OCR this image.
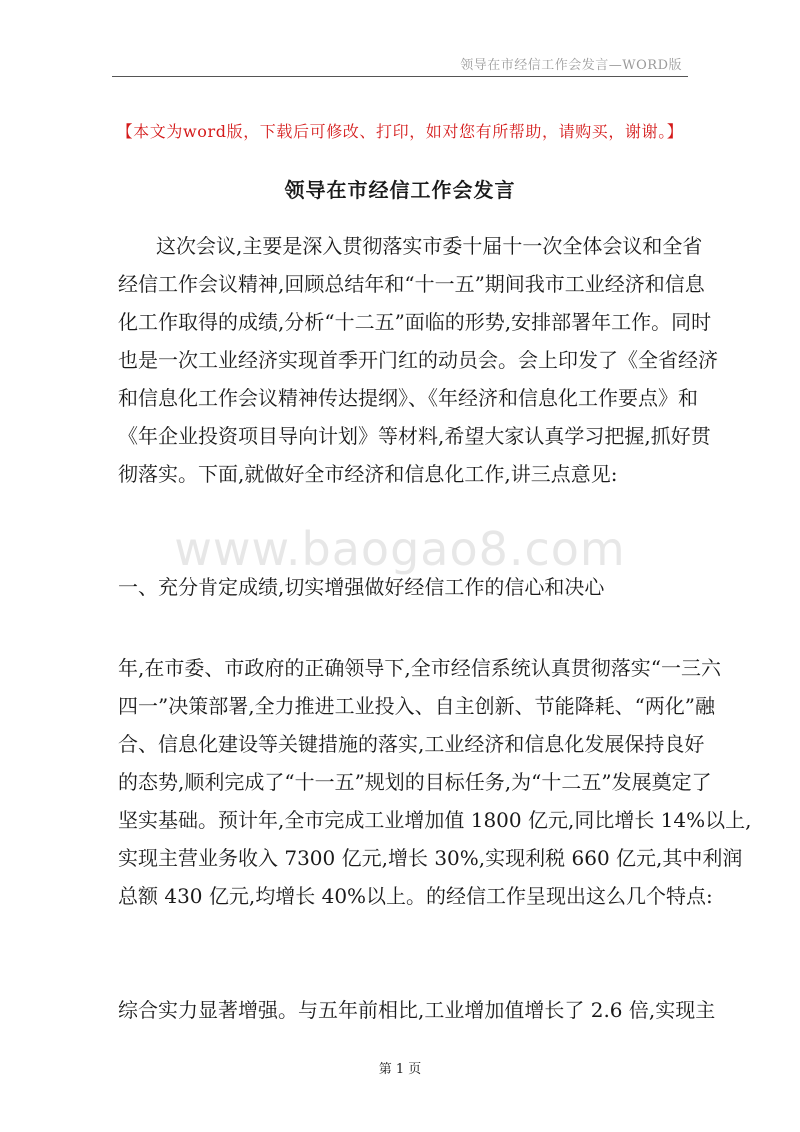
领导在市经信工作会发言—WORD版
【本文为word版，下载后可修改、打印，如对您有所帮助，请购买，谢谢。】
领导在市经信工作会发言
www.baogao8.com
这次会议,主要是深入贯彻落实市委十届十一次全体会议和全省
经信工作会议精神,回顾总结年和“十一五”期间我市工业经济和信息
化工作取得的成绩,分析“十二五”面临的形势,安排部署年工作。同时
也是一次工业经济实现首季开门红的动员会。会上印发了《全省经济
和信息化工作会议精神传达提纲》、《年经济和信息化工作要点》和
《年企业投资项目导向计划》等材料,希望大家认真学习把握,抓好贯
彻落实。下面,就做好全市经济和信息化工作,讲三点意见:
一、充分肯定成绩,切实增强做好经信工作的信心和决心
年,在市委、市政府的正确领导下,全市经信系统认真贯彻落实“一三六
四一”决策部署,全力推进工业投入、自主创新、节能降耗、“两化”融
合、信息化建设等关键措施的落实,工业经济和信息化发展保持良好
的态势,顺利完成了“十一五”规划的目标任务,为“十二五”发展奠定了
坚实基础。预计年,全市完成工业增加值 1800 亿元,同比增长 14%以上,
实现主营业务收入 7300 亿元,增长 30%,实现利税 660 亿元,其中利润
总额 430 亿元,均增长 40%以上。的经信工作呈现出这么几个特点:
综合实力显著增强。与五年前相比,工业增加值增长了 2.6 倍,实现主
第 1 页
